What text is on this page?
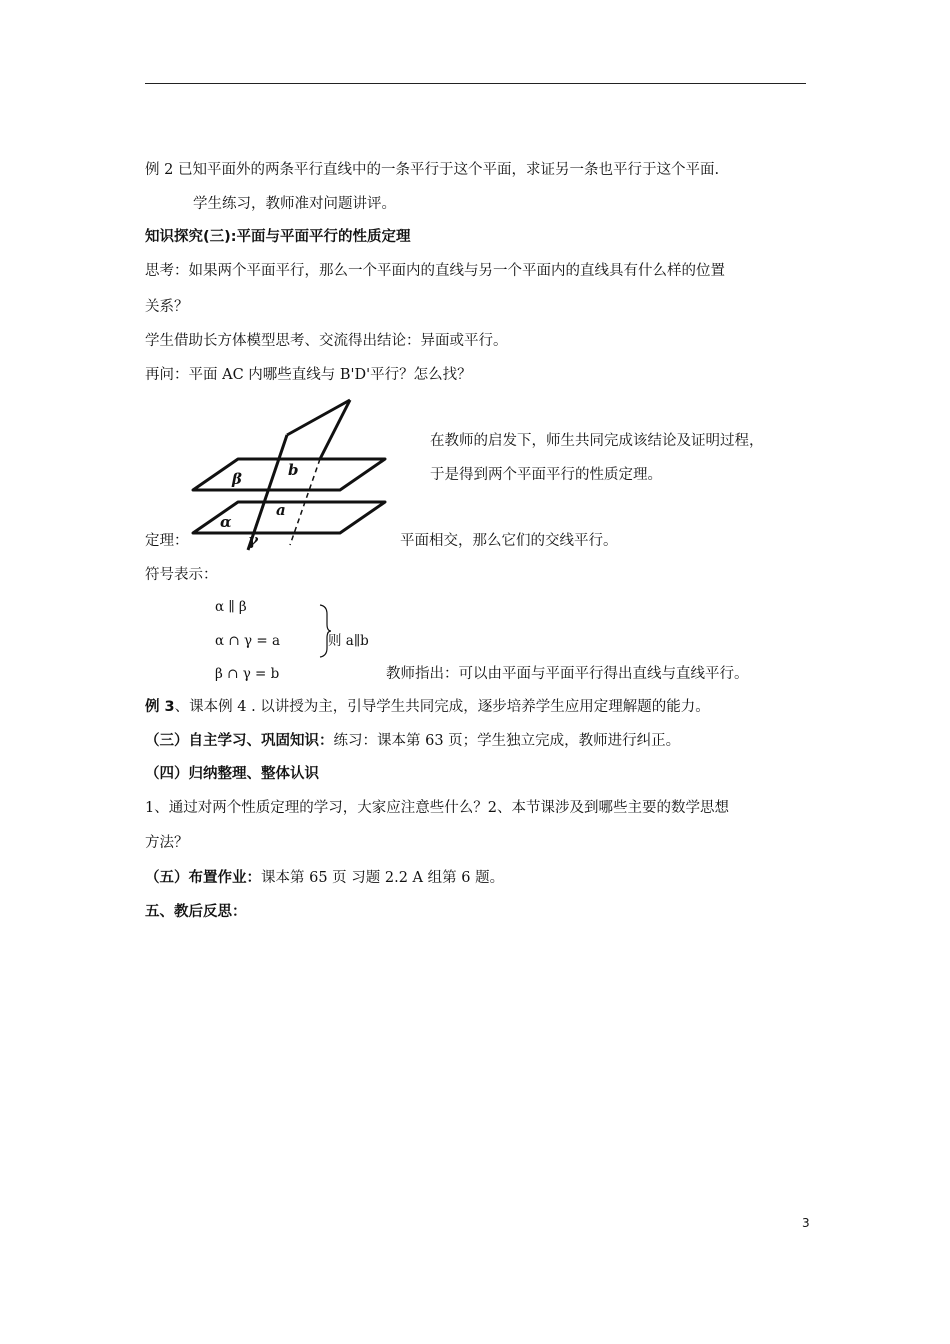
例 2 已知平面外的两条平行直线中的一条平行于这个平面，求证另一条也平行于这个平面.
学生练习，教师准对问题讲评。
知识探究(三):平面与平面平行的性质定理
思考：如果两个平面平行，那么一个平面内的直线与另一个平面内的直线具有什么样的位置
关系？
学生借助长方体模型思考、交流得出结论：异面或平行。
再问：平面 AC 内哪些直线与 B'D'平行？怎么找？
β	b
α
a
γ
在教师的启发下，师生共同完成该结论及证明过程，
于是得到两个平面平行的性质定理。
定理：	平面相交，那么它们的交线平行。
符号表示：
α ∥ β
α ∩ γ = a
β ∩ γ = b
则 a∥b
教师指出：可以由平面与平面平行得出直线与直线平行。
例 3、课本例 4 . 以讲授为主，引导学生共同完成，逐步培养学生应用定理解题的能力。
（三）自主学习、巩固知识：练习：课本第 63 页；学生独立完成，教师进行纠正。
（四）归纳整理、整体认识
1、通过对两个性质定理的学习，大家应注意些什么？2、本节课涉及到哪些主要的数学思想
方法？
（五）布置作业：课本第 65 页 习题 2.2 A 组第 6 题。
五、教后反思：
3
